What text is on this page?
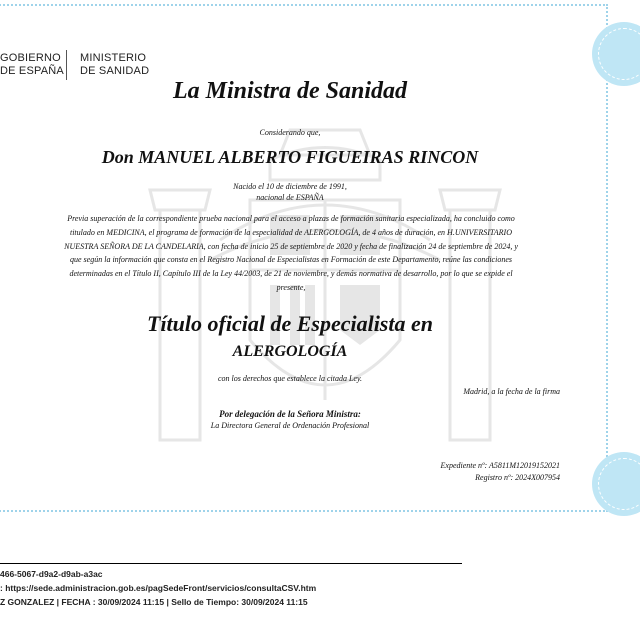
GOBIERNO
DE ESPAÑA
MINISTERIO
DE SANIDAD
La Ministra de Sanidad
Considerando que,
Don MANUEL ALBERTO FIGUEIRAS RINCON
Nacido el 10 de diciembre de 1991,
nacional de ESPAÑA
Previa superación de la correspondiente prueba nacional para el acceso a plazas de formación sanitaria especializada, ha concluido como titulado en MEDICINA, el programa de formación de la especialidad de ALERGOLOGÍA, de 4 años de duración, en H.UNIVERSITARIO NUESTRA SEÑORA DE LA CANDELARIA, con fecha de inicio 25 de septiembre de 2020 y fecha de finalización 24 de septiembre de 2024, y que según la información que consta en el Registro Nacional de Especialistas en Formación de este Departamento, reúne las condiciones determinadas en el Título II, Capítulo III de la Ley 44/2003, de 21 de noviembre, y demás normativa de desarrollo, por lo que se expide el presente,
Título oficial de Especialista en
ALERGOLOGÍA
con los derechos que establece la citada Ley.
Madrid, a la fecha de la firma
Por delegación de la Señora Ministra:
La Directora General de Ordenación Profesional
Expediente nº: A5811M12019152021
Registro nº: 2024X007954
466-5067-d9a2-d9ab-a3ac
: https://sede.administracion.gob.es/pagSedeFront/servicios/consultaCSV.htm
Z GONZALEZ | FECHA : 30/09/2024 11:15 | Sello de Tiempo: 30/09/2024 11:15
